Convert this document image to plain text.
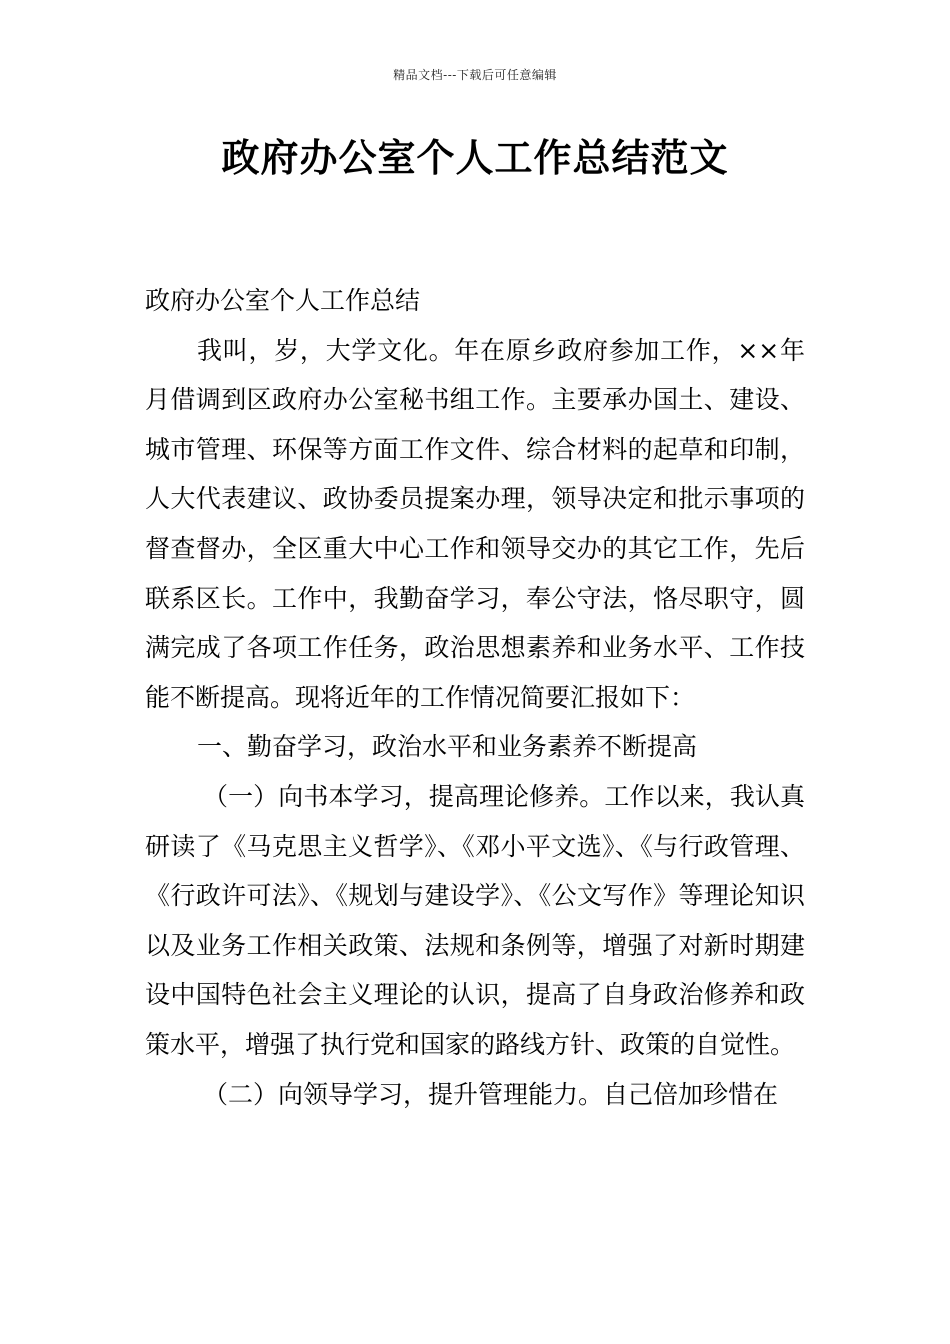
精品文档---下载后可任意编辑
政府办公室个人工作总结范文

政府办公室个人工作总结

我叫，岁，大学文化。年在原乡政府参加工作，××年月借调到区政府办公室秘书组工作。主要承办国土、建设、城市管理、环保等方面工作文件、综合材料的起草和印制，人大代表建议、政协委员提案办理，领导决定和批示事项的督查督办，全区重大中心工作和领导交办的其它工作，先后联系区长。工作中，我勤奋学习，奉公守法，恪尽职守，圆满完成了各项工作任务，政治思想素养和业务水平、工作技能不断提高。现将近年的工作情况简要汇报如下：

一、勤奋学习，政治水平和业务素养不断提高

（一）向书本学习，提高理论修养。工作以来，我认真研读了《马克思主义哲学》、《邓小平文选》、《与行政管理、《行政许可法》、《规划与建设学》、《公文写作》等理论知识以及业务工作相关政策、法规和条例等，增强了对新时期建设中国特色社会主义理论的认识，提高了自身政治修养和政策水平，增强了执行党和国家的路线方针、政策的自觉性。

（二）向领导学习，提升管理能力。自己倍加珍惜在
